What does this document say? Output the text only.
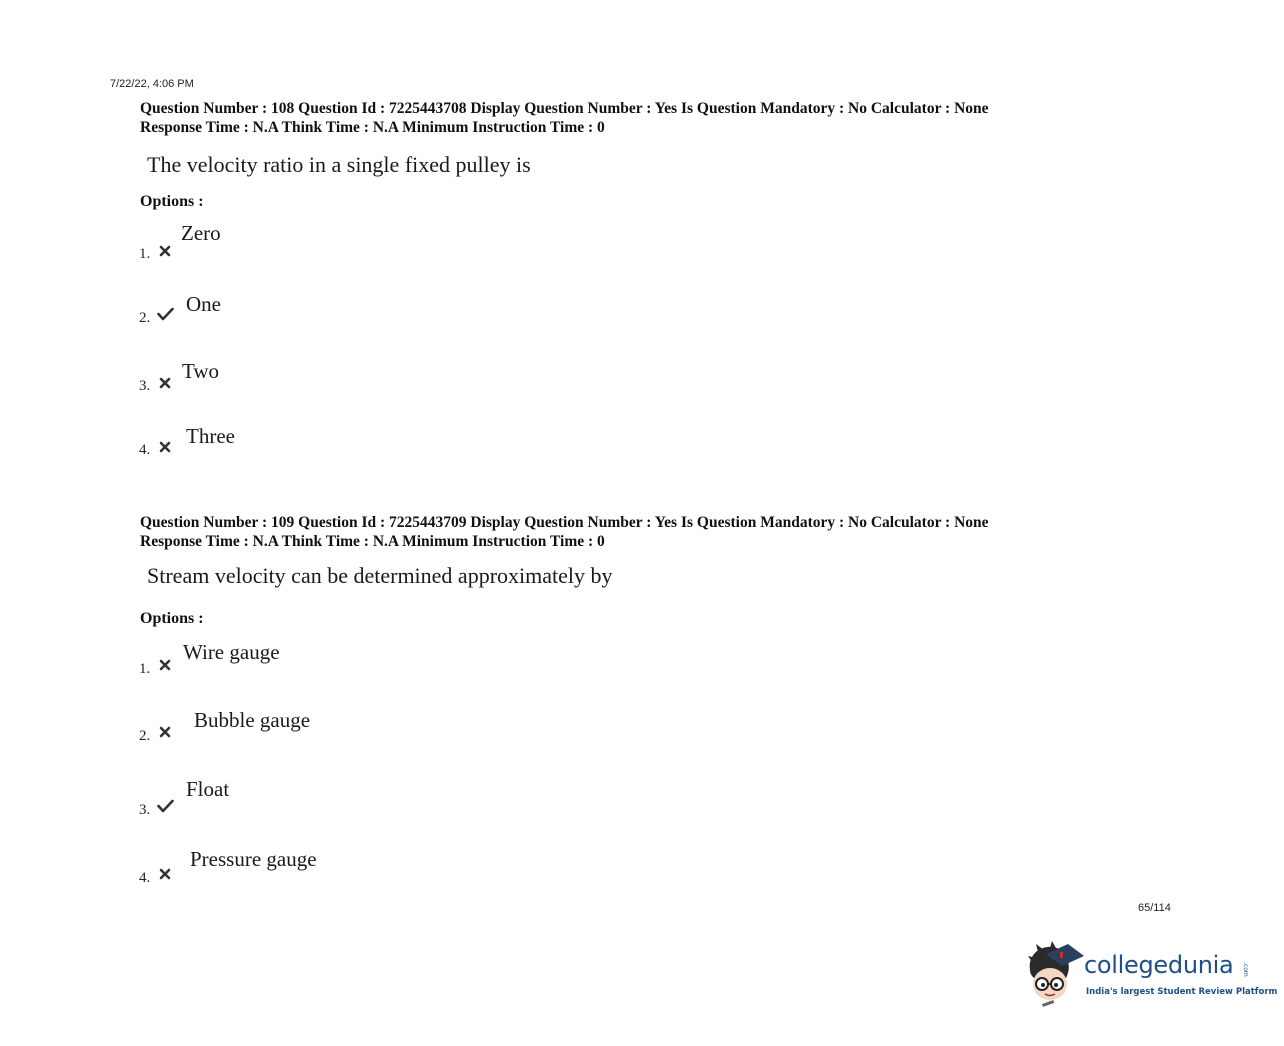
7/22/22, 4:06 PM
Question Number : 108 Question Id : 7225443708 Display Question Number : Yes Is Question Mandatory : No Calculator : None
Response Time : N.A Think Time : N.A Minimum Instruction Time : 0
The velocity ratio in a single fixed pulley is
Options :
1.
Zero
2.
One
3.
Two
4.
Three
Question Number : 109 Question Id : 7225443709 Display Question Number : Yes Is Question Mandatory : No Calculator : None
Response Time : N.A Think Time : N.A Minimum Instruction Time : 0
Stream velocity can be determined approximately by
Options :
1.
Wire gauge
2.
Bubble gauge
3.
Float
4.
Pressure gauge
65/114
collegedunia .com
India's largest Student Review Platform
